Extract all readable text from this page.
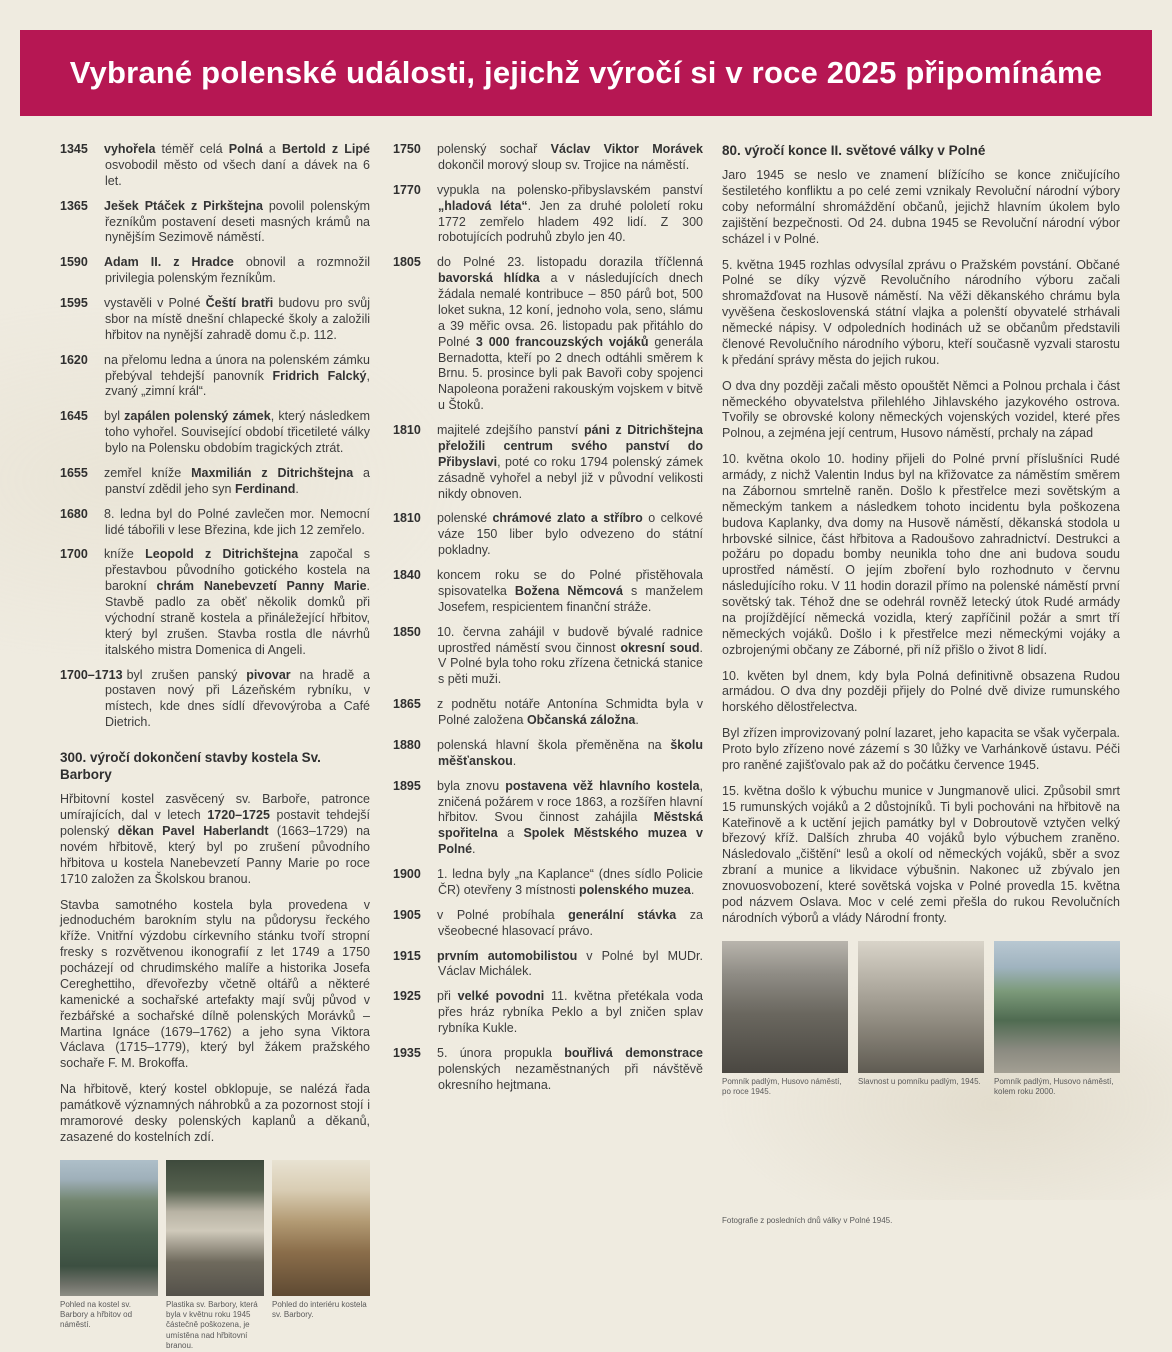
Vybrané polenské události, jejichž výročí si v roce 2025 připomínáme

1345 vyhořela téměř celá Polná a Bertold z Lipé osvobodil město od všech daní a dávek na 6 let.

1365 Ješek Ptáček z Pirkštejna povolil polenským řezníkům postavení deseti masných krámů na nynějším Sezimově náměstí.

1590 Adam II. z Hradce obnovil a rozmnožil privilegia polenským řezníkům.

1595 vystavěli v Polné Čeští bratři budovu pro svůj sbor na místě dnešní chlapecké školy a založili hřbitov na nynější zahradě domu č.p. 112.

1620 na přelomu ledna a února na polenském zámku přebýval tehdejší panovník Fridrich Falcký, zvaný „zimní král“.

1645 byl zapálen polenský zámek, který následkem toho vyhořel. Související období třicetileté války bylo na Polensku obdobím tragických ztrát.

1655 zemřel kníže Maxmilián z Ditrichštejna a panství zdědil jeho syn Ferdinand.

1680 8. ledna byl do Polné zavlečen mor. Nemocní lidé tábořili v lese Březina, kde jich 12 zemřelo.

1700 kníže Leopold z Ditrichštejna započal s přestavbou původního gotického kostela na barokní chrám Nanebevzetí Panny Marie. Stavbě padlo za oběť několik domků při východní straně kostela a přináležející hřbitov, který byl zrušen. Stavba rostla dle návrhů italského mistra Domenica di Angeli.

1700–1713 byl zrušen panský pivovar na hradě a postaven nový při Lázeňském rybníku, v místech, kde dnes sídlí dřevovýroba a Café Dietrich.

300. výročí dokončení stavby kostela Sv. Barbory

Hřbitovní kostel zasvěcený sv. Barboře, patronce umírajících, dal v letech 1720–1725 postavit tehdejší polenský děkan Pavel Haberlandt (1663–1729) na novém hřbitově, který byl po zrušení původního hřbitova u kostela Nanebevzetí Panny Marie po roce 1710 založen za Školskou branou.

Stavba samotného kostela byla provedena v jednoduchém barokním stylu na půdorysu řeckého kříže. Vnitřní výzdobu církevního stánku tvoří stropní fresky s rozvětvenou ikonografií z let 1749 a 1750 pocházejí od chrudimského malíře a historika Josefa Cereghettiho, dřevořezby včetně oltářů a některé kamenické a sochařské artefakty mají svůj původ v řezbářské a sochařské dílně polenských Morávků – Martina Ignáce (1679–1762) a jeho syna Viktora Václava (1715–1779), který byl žákem pražského sochaře F. M. Brokoffa.

Na hřbitově, který kostel obklopuje, se nalézá řada památkově významných náhrobků a za pozornost stojí i mramorové desky polenských kaplanů a děkanů, zasazené do kostelních zdí.

Pohled na kostel sv. Barbory a hřbitov od náměstí.
Plastika sv. Barbory, která byla v květnu roku 1945 částečně poškozena, je umístěna nad hřbitovní branou.
Pohled do interiéru kostela sv. Barbory.

1750 polenský sochař Václav Viktor Morávek dokončil morový sloup sv. Trojice na náměstí.

1770 vypukla na polensko-přibyslavském panství „hladová léta“. Jen za druhé pololetí roku 1772 zemřelo hladem 492 lidí. Z 300 robotujících podruhů zbylo jen 40.

1805 do Polné 23. listopadu dorazila tříčlenná bavorská hlídka a v následujících dnech žádala nemalé kontribuce – 850 párů bot, 500 loket sukna, 12 koní, jednoho vola, seno, slámu a 39 měřic ovsa. 26. listopadu pak přitáhlo do Polné 3 000 francouzských vojáků generála Bernadotta, kteří po 2 dnech odtáhli směrem k Brnu. 5. prosince byli pak Bavoři coby spojenci Napoleona poraženi rakouským vojskem v bitvě u Štoků.

1810 majitelé zdejšího panství páni z Ditrichštejna přeložili centrum svého panství do Přibyslavi, poté co roku 1794 polenský zámek zásadně vyhořel a nebyl již v původní velikosti nikdy obnoven.

1810 polenské chrámové zlato a stříbro o celkové váze 150 liber bylo odvezeno do státní pokladny.

1840 koncem roku se do Polné přistěhovala spisovatelka Božena Němcová s manželem Josefem, respicientem finanční stráže.

1850 10. června zahájil v budově bývalé radnice uprostřed náměstí svou činnost okresní soud. V Polné byla toho roku zřízena četnická stanice s pěti muži.

1865 z podnětu notáře Antonína Schmidta byla v Polné založena Občanská záložna.

1880 polenská hlavní škola přeměněna na školu měšťanskou.

1895 byla znovu postavena věž hlavního kostela, zničená požárem v roce 1863, a rozšířen hlavní hřbitov. Svou činnost zahájila Městská spořitelna a Spolek Městského muzea v Polné.

1900 1. ledna byly „na Kaplance“ (dnes sídlo Policie ČR) otevřeny 3 místnosti polenského muzea.

1905 v Polné probíhala generální stávka za všeobecné hlasovací právo.

1915 prvním automobilistou v Polné byl MUDr. Václav Michálek.

1925 při velké povodni 11. května přetékala voda přes hráz rybníka Peklo a byl zničen splav rybníka Kukle.

1935 5. února propukla bouřlivá demonstrace polenských nezaměstnaných při návštěvě okresního hejtmana.

80. výročí konce II. světové války v Polné

Jaro 1945 se neslo ve znamení blížícího se konce zničujícího šestiletého konfliktu a po celé zemi vznikaly Revoluční národní výbory coby neformální shromáždění občanů, jejichž hlavním úkolem bylo zajištění bezpečnosti. Od 24. dubna 1945 se Revoluční národní výbor scházel i v Polné.

5. května 1945 rozhlas odvysílal zprávu o Pražském povstání. Občané Polné se díky výzvě Revolučního národního výboru začali shromažďovat na Husově náměstí. Na věži děkanského chrámu byla vyvěšena československá státní vlajka a polenští obyvatelé strhávali německé nápisy. V odpoledních hodinách už se občanům představili členové Revolučního národního výboru, kteří současně vyzvali starostu k předání správy města do jejich rukou.

O dva dny později začali město opouštět Němci a Polnou prchala i část německého obyvatelstva přilehlého Jihlavského jazykového ostrova. Tvořily se obrovské kolony německých vojenských vozidel, které přes Polnou, a zejména její centrum, Husovo náměstí, prchaly na západ

10. května okolo 10. hodiny přijeli do Polné první příslušníci Rudé armády, z nichž Valentin Indus byl na křižovatce za náměstím směrem na Zábornou smrtelně raněn. Došlo k přestřelce mezi sovětským a německým tankem a následkem tohoto incidentu byla poškozena budova Kaplanky, dva domy na Husově náměstí, děkanská stodola u hrbovské silnice, část hřbitova a Radoušovo zahradnictví. Destrukci a požáru po dopadu bomby neunikla toho dne ani budova soudu uprostřed náměstí. O jejím zboření bylo rozhodnuto v červnu následujícího roku. V 11 hodin dorazil přímo na polenské náměstí první sovětský tak. Téhož dne se odehrál rovněž letecký útok Rudé armády na projíždějící německá vozidla, který zapříčinil požár a smrt tří německých vojáků. Došlo i k přestřelce mezi německými vojáky a ozbrojenými občany ze Záborné, při níž přišlo o život 8 lidí.

10. květen byl dnem, kdy byla Polná definitivně obsazena Rudou armádou. O dva dny později přijely do Polné dvě divize rumunského horského dělostřelectva.

Byl zřízen improvizovaný polní lazaret, jeho kapacita se však vyčerpala. Proto bylo zřízeno nové zázemí s 30 lůžky ve Varhánkově ústavu. Péči pro raněné zajišťovalo pak až do počátku července 1945.

15. května došlo k výbuchu munice v Jungmanově ulici. Způsobil smrt 15 rumunských vojáků a 2 důstojníků. Ti byli pochováni na hřbitově na Kateřinově a k uctění jejich památky byl v Dobroutově vztyčen velký březový kříž. Dalších zhruba 40 vojáků bylo výbuchem zraněno. Následovalo „čištění“ lesů a okolí od německých vojáků, sběr a svoz zbraní a munice a likvidace výbušnin. Nakonec už zbývalo jen znovuosvobození, které sovětská vojska v Polné provedla 15. května pod názvem Oslava. Moc v celé zemi přešla do rukou Revolučních národních výborů a vlády Národní fronty.

Pomník padlým, Husovo náměstí, po roce 1945.
Slavnost u pomníku padlým, 1945.	Pomník padlým, Husovo náměstí, kolem roku 2000.

Fotografie z posledních dnů války v Polné 1945.
